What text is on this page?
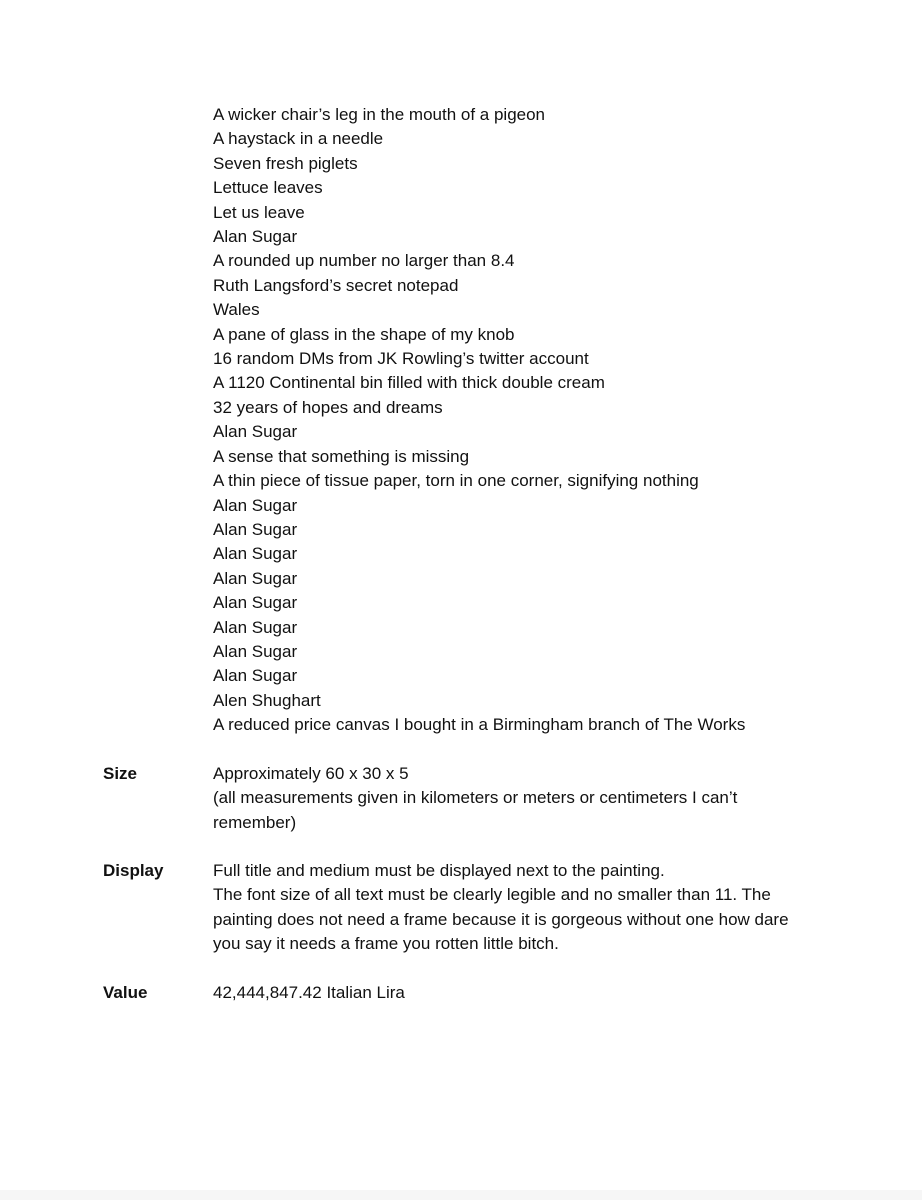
A wicker chair’s leg in the mouth of a pigeon
A haystack in a needle
Seven fresh piglets
Lettuce leaves
Let us leave
Alan Sugar
A rounded up number no larger than 8.4
Ruth Langsford’s secret notepad
Wales
A pane of glass in the shape of my knob
16 random DMs from JK Rowling’s twitter account
A 1120 Continental bin filled with thick double cream
32 years of hopes and dreams
Alan Sugar
A sense that something is missing
A thin piece of tissue paper, torn in one corner, signifying nothing
Alan Sugar
Alan Sugar
Alan Sugar
Alan Sugar
Alan Sugar
Alan Sugar
Alan Sugar
Alan Sugar
Alen Shughart
A reduced price canvas I bought in a Birmingham branch of The Works
Size	Approximately 60 x 30 x 5

(all measurements given in kilometers or meters or centimeters I can’t

remember)

Display	Full title and medium must be displayed next to the painting.

The font size of all text must be clearly legible and no smaller than 11. The

painting does not need a frame because it is gorgeous without one how dare

you say it needs a frame you rotten little bitch.

Value	42,444,847.42 Italian Lira
